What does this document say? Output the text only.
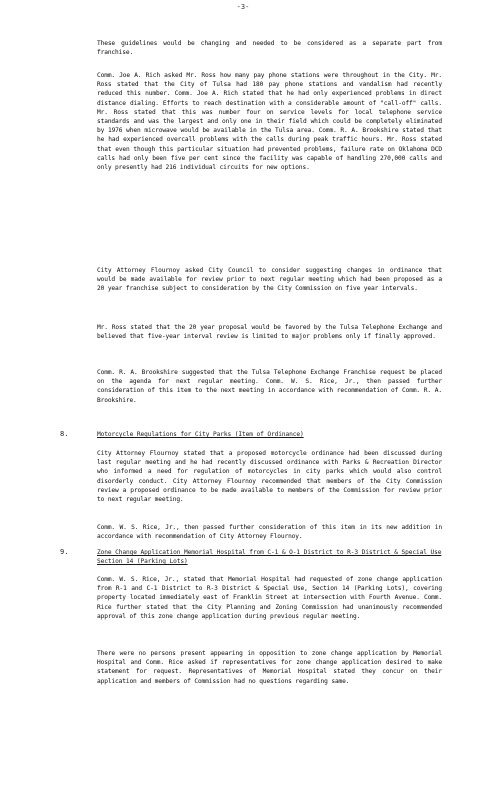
-3-

These guidelines would be changing and needed to be considered as a separate part from franchise.

Comm. Joe A. Rich asked Mr. Ross how many pay phone stations were throughout in the City. Mr. Ross stated that the City of Tulsa had 180 pay phone stations and vandalism had recently reduced this number. Comm. Joe A. Rich stated that he had only experienced problems in direct distance dialing. Efforts to reach destination with a considerable amount of "call-off" calls. Mr. Ross stated that this was number four on service levels for local telephone service standards and was the largest and only one in their field which could be completely eliminated by 1976 when microwave would be available in the Tulsa area. Comm. R. A. Brookshire stated that he had experienced overcall problems with the calls during peak traffic hours. Mr. Ross stated that even though this particular situation had prevented problems, failure rate on Oklahoma DCD calls had only been five per cent since the facility was capable of handling 270,000 calls and only presently had 216 individual circuits for new options.

City Attorney Flournoy asked City Council to consider suggesting changes in ordinance that would be made available for review prior to next regular meeting which had been proposed as a 20 year franchise subject to consideration by the City Commission on five year intervals.

Mr. Ross stated that the 20 year proposal would be favored by the Tulsa Telephone Exchange and believed that five-year interval review is limited to major problems only if finally approved.

Comm. R. A. Brookshire suggested that the Tulsa Telephone Exchange Franchise request be placed on the agenda for next regular meeting. Comm. W. S. Rice, Jr., then passed further consideration of this item to the next meeting in accordance with recommendation of Comm. R. A. Brookshire.

8.	Motorcycle Regulations for City Parks (Item of Ordinance)

City Attorney Flournoy stated that a proposed motorcycle ordinance had been discussed during last regular meeting and he had recently discussed ordinance with Parks & Recreation Director who informed a need for regulation of motorcycles in city parks which would also control disorderly conduct. City Attorney Flournoy recommended that members of the City Commission review a proposed ordinance to be made available to members of the Commission for review prior to next regular meeting.

Comm. W. S. Rice, Jr., then passed further consideration of this item in its new addition in accordance with recommendation of City Attorney Flournoy.

9.	Zone Change Application Memorial Hospital from C-1 & O-1 District to R-3 District & Special Use Section 14 (Parking Lots)

Comm. W. S. Rice, Jr., stated that Memorial Hospital had requested of zone change application from R-1 and C-1 District to R-3 District & Special Use, Section 14 (Parking Lots), covering property located immediately east of Franklin Street at intersection with Fourth Avenue. Comm. Rice further stated that the City Planning and Zoning Commission had unanimously recommended approval of this zone change application during previous regular meeting.

There were no persons present appearing in opposition to zone change application by Memorial Hospital and Comm. Rice asked if representatives for zone change application desired to make statement for request. Representatives of Memorial Hospital stated they concur on their application and members of Commission had no questions regarding same.
